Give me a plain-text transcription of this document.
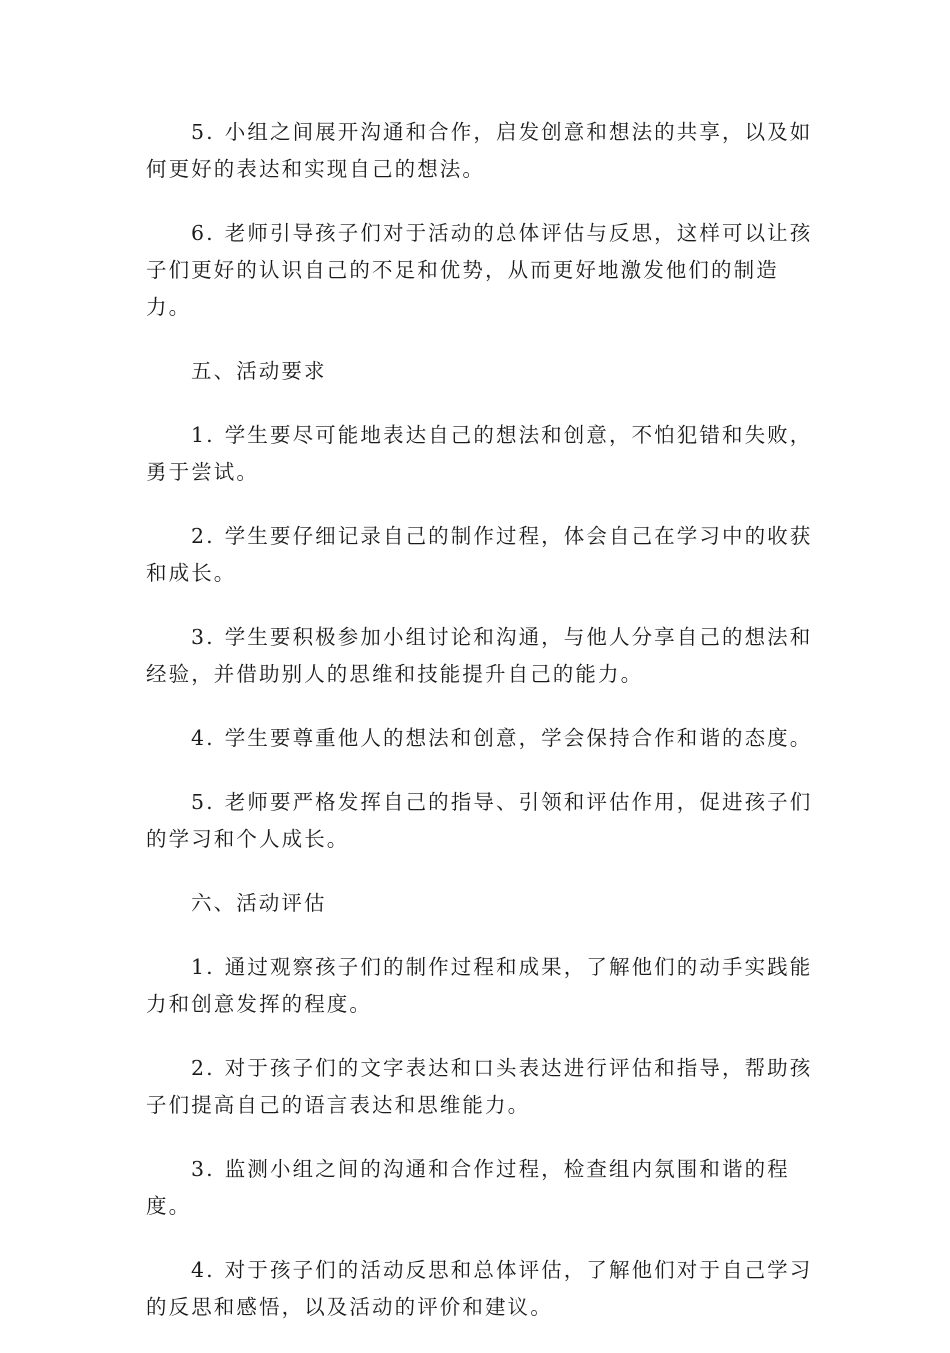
5. 小组之间展开沟通和合作，启发创意和想法的共享，以及如何更好的表达和实现自己的想法。

6. 老师引导孩子们对于活动的总体评估与反思，这样可以让孩子们更好的认识自己的不足和优势，从而更好地激发他们的制造力。

五、活动要求

1. 学生要尽可能地表达自己的想法和创意，不怕犯错和失败，勇于尝试。

2. 学生要仔细记录自己的制作过程，体会自己在学习中的收获和成长。

3. 学生要积极参加小组讨论和沟通，与他人分享自己的想法和经验，并借助别人的思维和技能提升自己的能力。

4. 学生要尊重他人的想法和创意，学会保持合作和谐的态度。

5. 老师要严格发挥自己的指导、引领和评估作用，促进孩子们的学习和个人成长。

六、活动评估

1. 通过观察孩子们的制作过程和成果，了解他们的动手实践能力和创意发挥的程度。

2. 对于孩子们的文字表达和口头表达进行评估和指导，帮助孩子们提高自己的语言表达和思维能力。

3. 监测小组之间的沟通和合作过程，检查组内氛围和谐的程度。

4. 对于孩子们的活动反思和总体评估，了解他们对于自己学习的反思和感悟，以及活动的评价和建议。
